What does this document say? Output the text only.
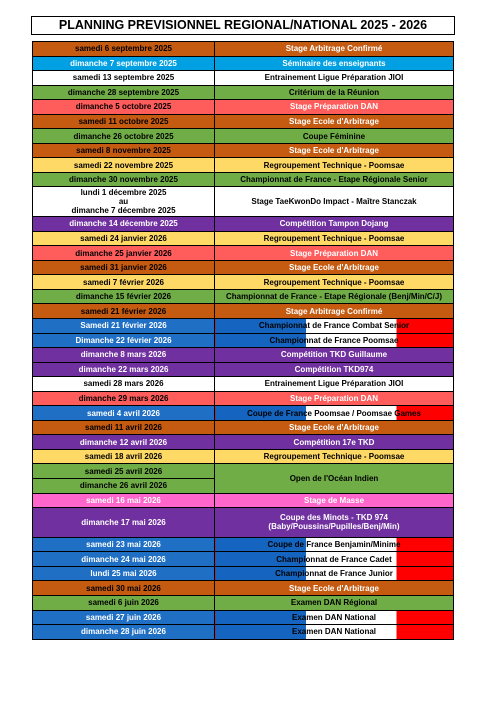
PLANNING PREVISIONNEL REGIONAL/NATIONAL 2025 - 2026
samedi 6 septembre 2025	Stage Arbitrage Confirmé
dimanche 7 septembre 2025	Séminaire des enseignants
samedi 13 septembre 2025	Entrainement Ligue Préparation JIOI
dimanche 28 septembre 2025	Critérium de la Réunion
dimanche 5 octobre 2025	Stage Préparation DAN
samedi 11 octobre 2025	Stage Ecole d'Arbitrage
dimanche 26 octobre 2025	Coupe Féminine
samedi 8 novembre 2025	Stage Ecole d'Arbitrage
samedi 22 novembre 2025	Regroupement Technique - Poomsae
dimanche 30 novembre 2025	Championnat de France - Etape Régionale Senior

lundi 1 décembre 2025
au
dimanche 7 décembre 2025	Stage TaeKwonDo Impact - Maître Stanczak
dimanche 14 décembre 2025	Compétition Tampon Dojang
samedi 24 janvier 2026	Regroupement Technique - Poomsae
dimanche 25 janvier 2026	Stage Préparation DAN
samedi 31 janvier 2026	Stage Ecole d'Arbitrage
samedi 7 février 2026	Regroupement Technique - Poomsae
dimanche 15 février 2026	Championnat de France - Etape Régionale (Benj/Min/C/J)
samedi 21 février 2026	Stage Arbitrage Confirmé
Samedi 21 février 2026	Championnat de France Combat Senior
Dimanche 22 février 2026	Championnat de France Poomsae
dimanche 8 mars 2026	Compétition TKD Guillaume
dimanche 22 mars 2026	Compétition TKD974
samedi 28 mars 2026	Entrainement Ligue Préparation JIOI
dimanche 29 mars 2026	Stage Préparation DAN
samedi 4 avril 2026	Coupe de France Poomsae / Poomsae Games
samedi 11 avril 2026	Stage Ecole d'Arbitrage
dimanche 12 avril 2026	Compétition 17e TKD
samedi 18 avril 2026	Regroupement Technique - Poomsae
samedi 25 avril 2026	Open de l'Océan Indien
dimanche 26 avril 2026	
samedi 16 mai 2026	Stage de Masse
dimanche 17 mai 2026	Coupe des Minots - TKD 974
(Baby/Poussins/Pupilles/Benj/Min)

samedi 23 mai 2026	Coupe de France Benjamin/Minime
dimanche 24 mai 2026	Championnat de France Cadet
lundi 25 mai 2026	Championnat de France Junior
samedi 30 mai 2026	Stage Ecole d'Arbitrage
samedi 6 juin 2026	Examen DAN Régional
samedi 27 juin 2026	Examen DAN National
dimanche 28 juin 2026	Examen DAN National
